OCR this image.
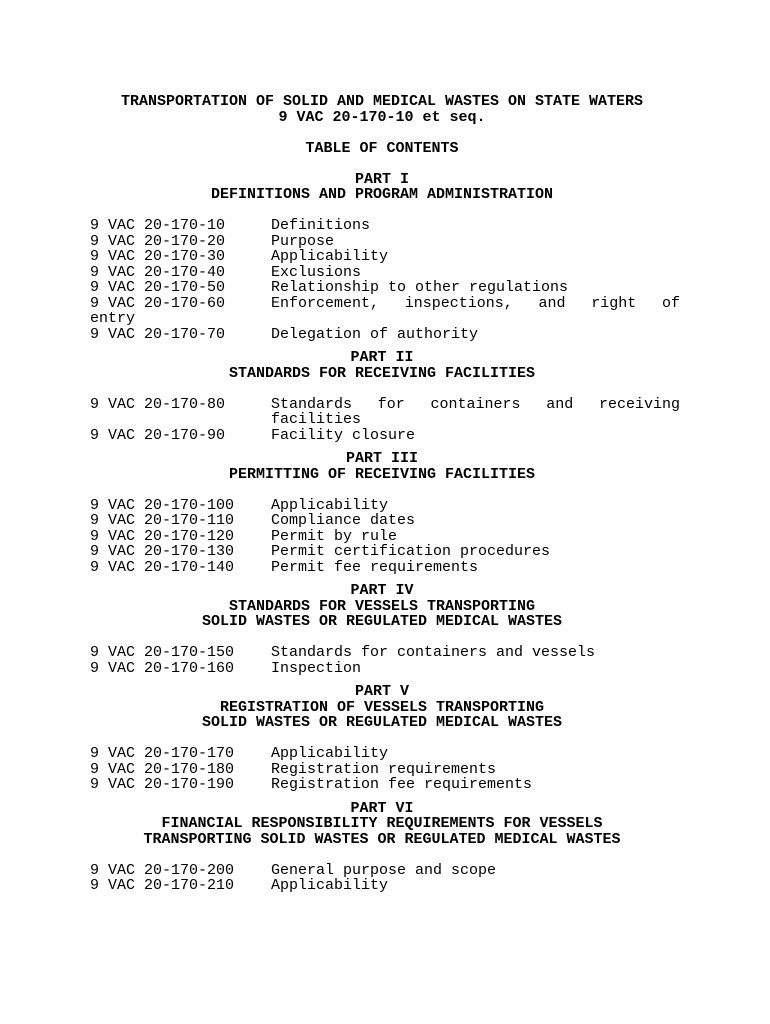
TRANSPORTATION OF SOLID AND MEDICAL WASTES ON STATE WATERS
9 VAC 20-170-10 et seq.
TABLE OF CONTENTS
PART I
DEFINITIONS AND PROGRAM ADMINISTRATION
9 VAC 20-170-10	Definitions
9 VAC 20-170-20	Purpose
9 VAC 20-170-30	Applicability
9 VAC 20-170-40	Exclusions
9 VAC 20-170-50	Relationship to other regulations
9 VAC 20-170-60	Enforcement, inspections, and right of
entry
9 VAC 20-170-70	Delegation of authority
PART II
STANDARDS FOR RECEIVING FACILITIES
9 VAC 20-170-80	Standards for containers and receiving
facilities
9 VAC 20-170-90	Facility closure
PART III
PERMITTING OF RECEIVING FACILITIES
9 VAC 20-170-100	Applicability
9 VAC 20-170-110	Compliance dates
9 VAC 20-170-120	Permit by rule
9 VAC 20-170-130	Permit certification procedures
9 VAC 20-170-140	Permit fee requirements
PART IV
STANDARDS FOR VESSELS TRANSPORTING
SOLID WASTES OR REGULATED MEDICAL WASTES
9 VAC 20-170-150	Standards for containers and vessels
9 VAC 20-170-160	Inspection
PART V
REGISTRATION OF VESSELS TRANSPORTING
SOLID WASTES OR REGULATED MEDICAL WASTES
9 VAC 20-170-170	Applicability
9 VAC 20-170-180	Registration requirements
9 VAC 20-170-190	Registration fee requirements
PART VI
FINANCIAL RESPONSIBILITY REQUIREMENTS FOR VESSELS
TRANSPORTING SOLID WASTES OR REGULATED MEDICAL WASTES
9 VAC 20-170-200	General purpose and scope
9 VAC 20-170-210	Applicability
